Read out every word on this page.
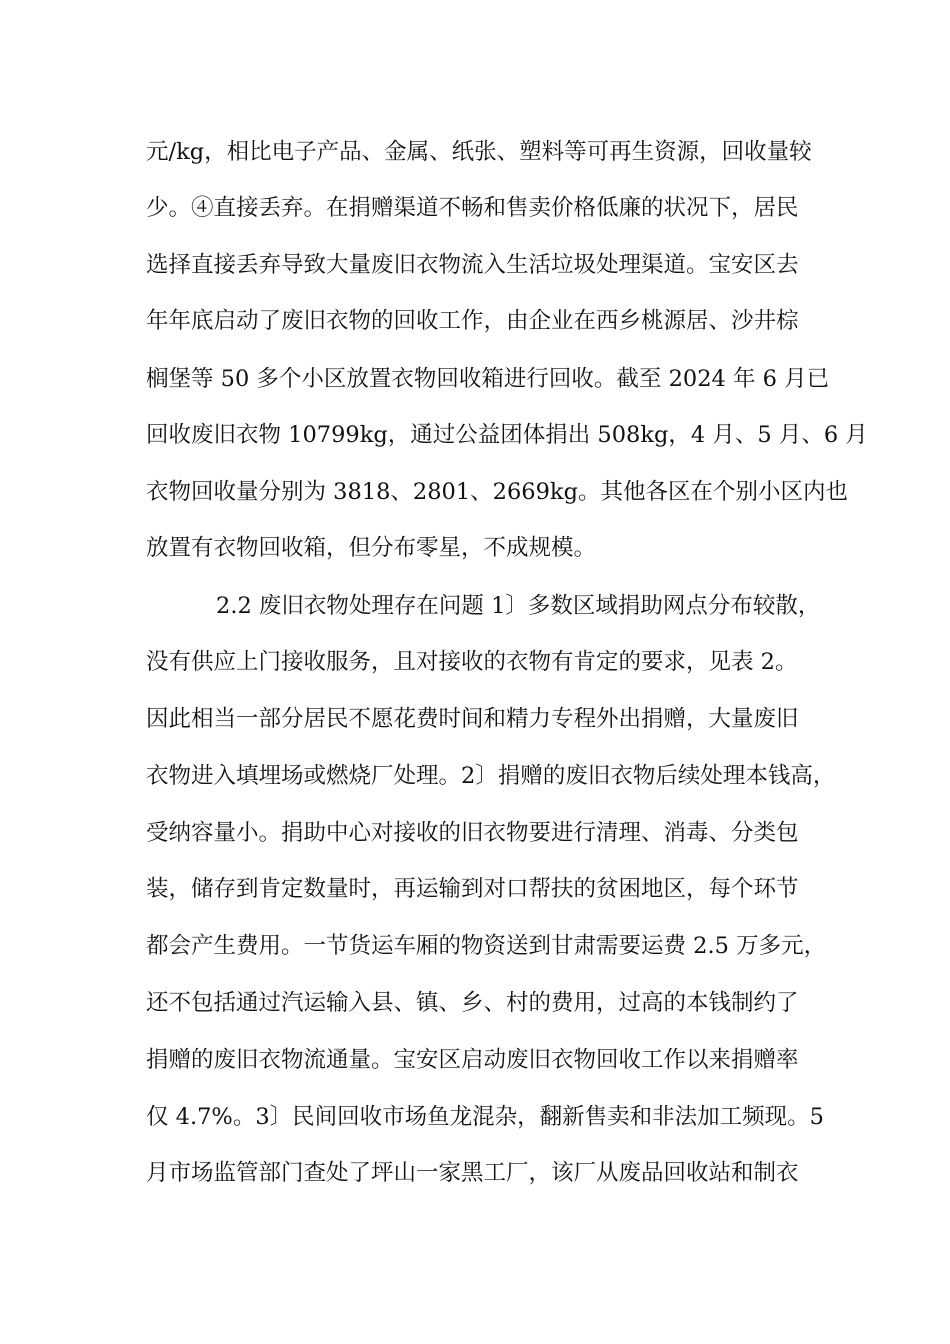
元/kg，相比电子产品、金属、纸张、塑料等可再生资源，回收量较
少。④直接丢弃。在捐赠渠道不畅和售卖价格低廉的状况下，居民
选择直接丢弃导致大量废旧衣物流入生活垃圾处理渠道。宝安区去
年年底启动了废旧衣物的回收工作，由企业在西乡桃源居、沙井棕
榈堡等 50 多个小区放置衣物回收箱进行回收。截至 2024 年 6 月已
回收废旧衣物 10799kg，通过公益团体捐出 508kg，4 月、5 月、6 月
衣物回收量分别为 3818、2801、2669kg。其他各区在个别小区内也
放置有衣物回收箱，但分布零星，不成规模。
2.2 废旧衣物处理存在问题 1〕多数区域捐助网点分布较散，
没有供应上门接收服务，且对接收的衣物有肯定的要求，见表 2。
因此相当一部分居民不愿花费时间和精力专程外出捐赠，大量废旧
衣物进入填埋场或燃烧厂处理。2〕捐赠的废旧衣物后续处理本钱高，
受纳容量小。捐助中心对接收的旧衣物要进行清理、消毒、分类包
装，储存到肯定数量时，再运输到对口帮扶的贫困地区，每个环节
都会产生费用。一节货运车厢的物资送到甘肃需要运费 2.5 万多元，
还不包括通过汽运输入县、镇、乡、村的费用，过高的本钱制约了
捐赠的废旧衣物流通量。宝安区启动废旧衣物回收工作以来捐赠率
仅 4.7%。3〕民间回收市场鱼龙混杂，翻新售卖和非法加工频现。5
月市场监管部门查处了坪山一家黑工厂，该厂从废品回收站和制衣
